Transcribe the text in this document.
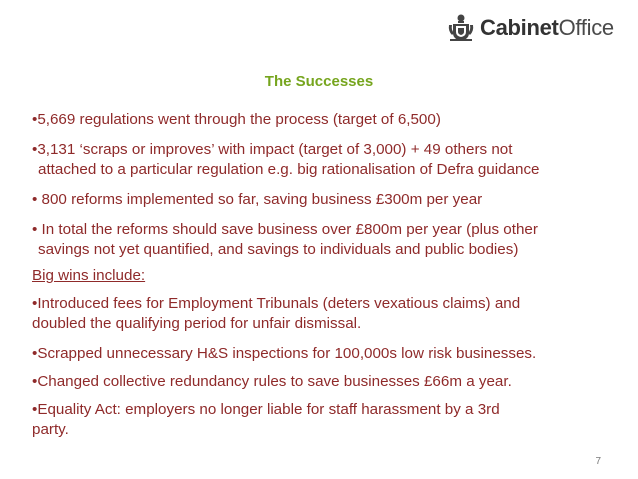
CabinetOffice
The Successes
•5,669 regulations went through the process (target of 6,500)
•3,131 ‘scraps or improves’ with impact (target of 3,000) + 49 others not
attached to a particular regulation e.g. big rationalisation of Defra guidance
• 800 reforms implemented so far, saving business £300m per year
• In total the reforms should save business over £800m per year (plus other
savings not yet quantified, and savings to individuals and public bodies)
Big wins include:
•Introduced fees for Employment Tribunals (deters vexatious claims) and
doubled the qualifying period for unfair dismissal.
•Scrapped unnecessary H&S inspections for 100,000s low risk businesses.
•Changed collective redundancy rules to save businesses £66m a year.
•Equality Act: employers no longer liable for staff harassment by a 3rd
party.
7
